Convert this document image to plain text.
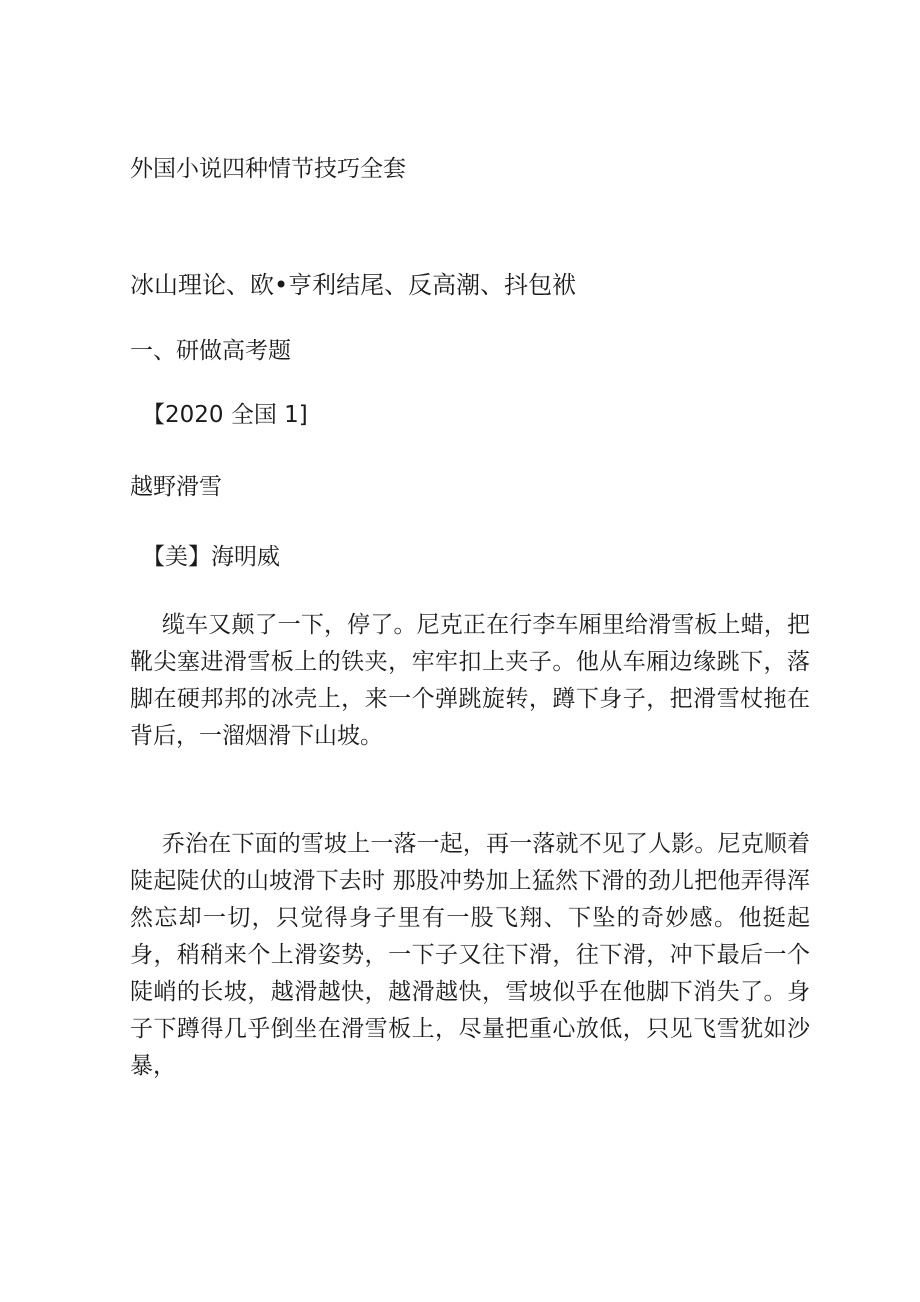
外国小说四种情节技巧全套
冰山理论、欧•亨利结尾、反高潮、抖包袱
一、研做高考题
【2020 全国 1]
越野滑雪
【美】海明威

缆车又颠了一下，停了。尼克正在行李车厢里给滑雪板上蜡，把靴尖塞进滑雪板上的铁夹，牢牢扣上夹子。他从车厢边缘跳下，落脚在硬邦邦的冰壳上，来一个弹跳旋转，蹲下身子，把滑雪杖拖在背后，一溜烟滑下山坡。

乔治在下面的雪坡上一落一起，再一落就不见了人影。尼克顺着陡起陡伏的山坡滑下去时 那股冲势加上猛然下滑的劲儿把他弄得浑然忘却一切，只觉得身子里有一股飞翔、下坠的奇妙感。他挺起身，稍稍来个上滑姿势，一下子又往下滑，往下滑，冲下最后一个陡峭的长坡，越滑越快，越滑越快，雪坡似乎在他脚下消失了。身子下蹲得几乎倒坐在滑雪板上，尽量把重心放低，只见飞雪犹如沙暴，
